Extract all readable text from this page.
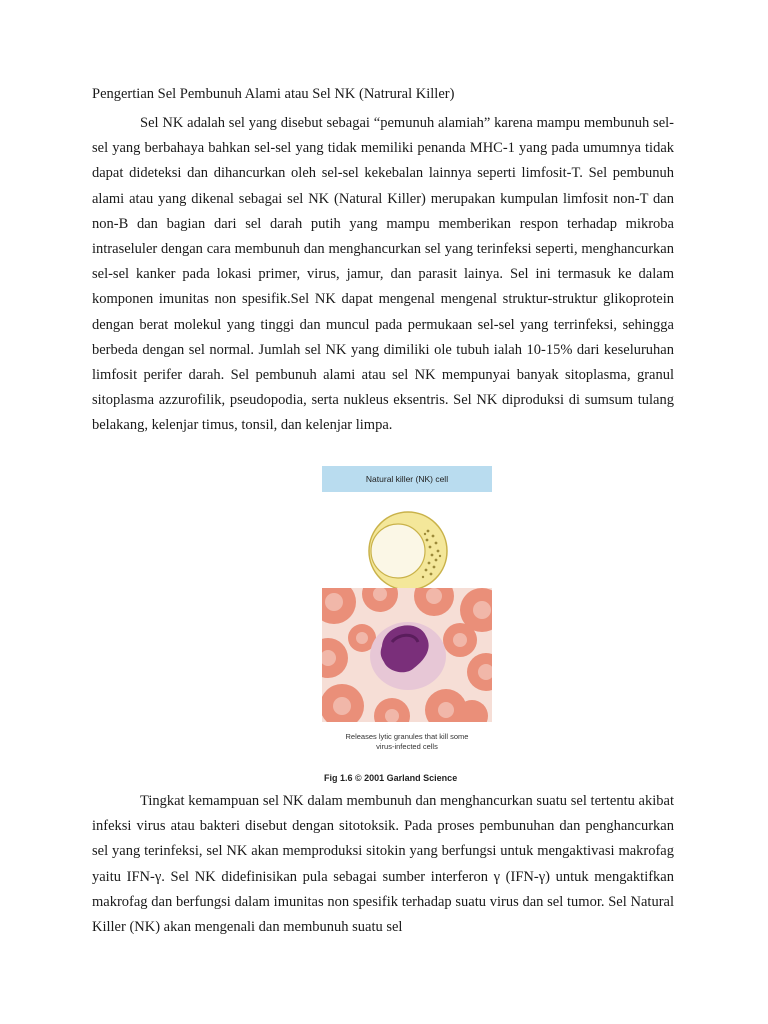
Pengertian Sel Pembunuh Alami atau Sel NK (Natrural Killer)

Sel NK adalah sel yang disebut sebagai “pemunuh alamiah” karena mampu membunuh sel-sel yang berbahaya bahkan sel-sel yang tidak memiliki penanda MHC-1 yang pada umumnya tidak dapat dideteksi dan dihancurkan oleh sel-sel kekebalan lainnya seperti limfosit-T. Sel pembunuh alami atau yang dikenal sebagai sel NK (Natural Killer) merupakan kumpulan limfosit non-T dan non-B dan bagian dari sel darah putih yang mampu memberikan respon terhadap mikroba intraseluler dengan cara membunuh dan menghancurkan sel yang terinfeksi seperti, menghancurkan sel-sel kanker pada lokasi primer, virus, jamur, dan parasit lainya. Sel ini termasuk ke dalam komponen imunitas non spesifik.Sel NK dapat mengenal mengenal struktur-struktur glikoprotein dengan berat molekul yang tinggi dan muncul pada permukaan sel-sel yang terrinfeksi, sehingga berbeda dengan sel normal. Jumlah sel NK yang dimiliki ole tubuh ialah 10-15% dari keseluruhan limfosit perifer darah. Sel pembunuh alami atau sel NK mempunyai banyak sitoplasma, granul sitoplasma azzurofilik, pseudopodia, serta nukleus eksentris. Sel NK diproduksi di sumsum tulang belakang, kelenjar timus, tonsil, dan kelenjar limpa.

Natural killer (NK) cell
Releases lytic granules that kill some
virus-infected cells
Fig 1.6 © 2001 Garland Science

Tingkat kemampuan sel NK dalam membunuh dan menghancurkan suatu sel tertentu akibat infeksi virus atau bakteri disebut dengan sitotoksik. Pada proses pembunuhan dan penghancurkan sel yang terinfeksi, sel NK akan memproduksi sitokin yang berfungsi untuk mengaktivasi makrofag yaitu IFN-γ. Sel NK didefinisikan pula sebagai sumber interferon γ (IFN-γ) untuk mengaktifkan makrofag dan berfungsi dalam imunitas non spesifik terhadap suatu virus dan sel tumor. Sel Natural Killer (NK) akan mengenali dan membunuh suatu sel
